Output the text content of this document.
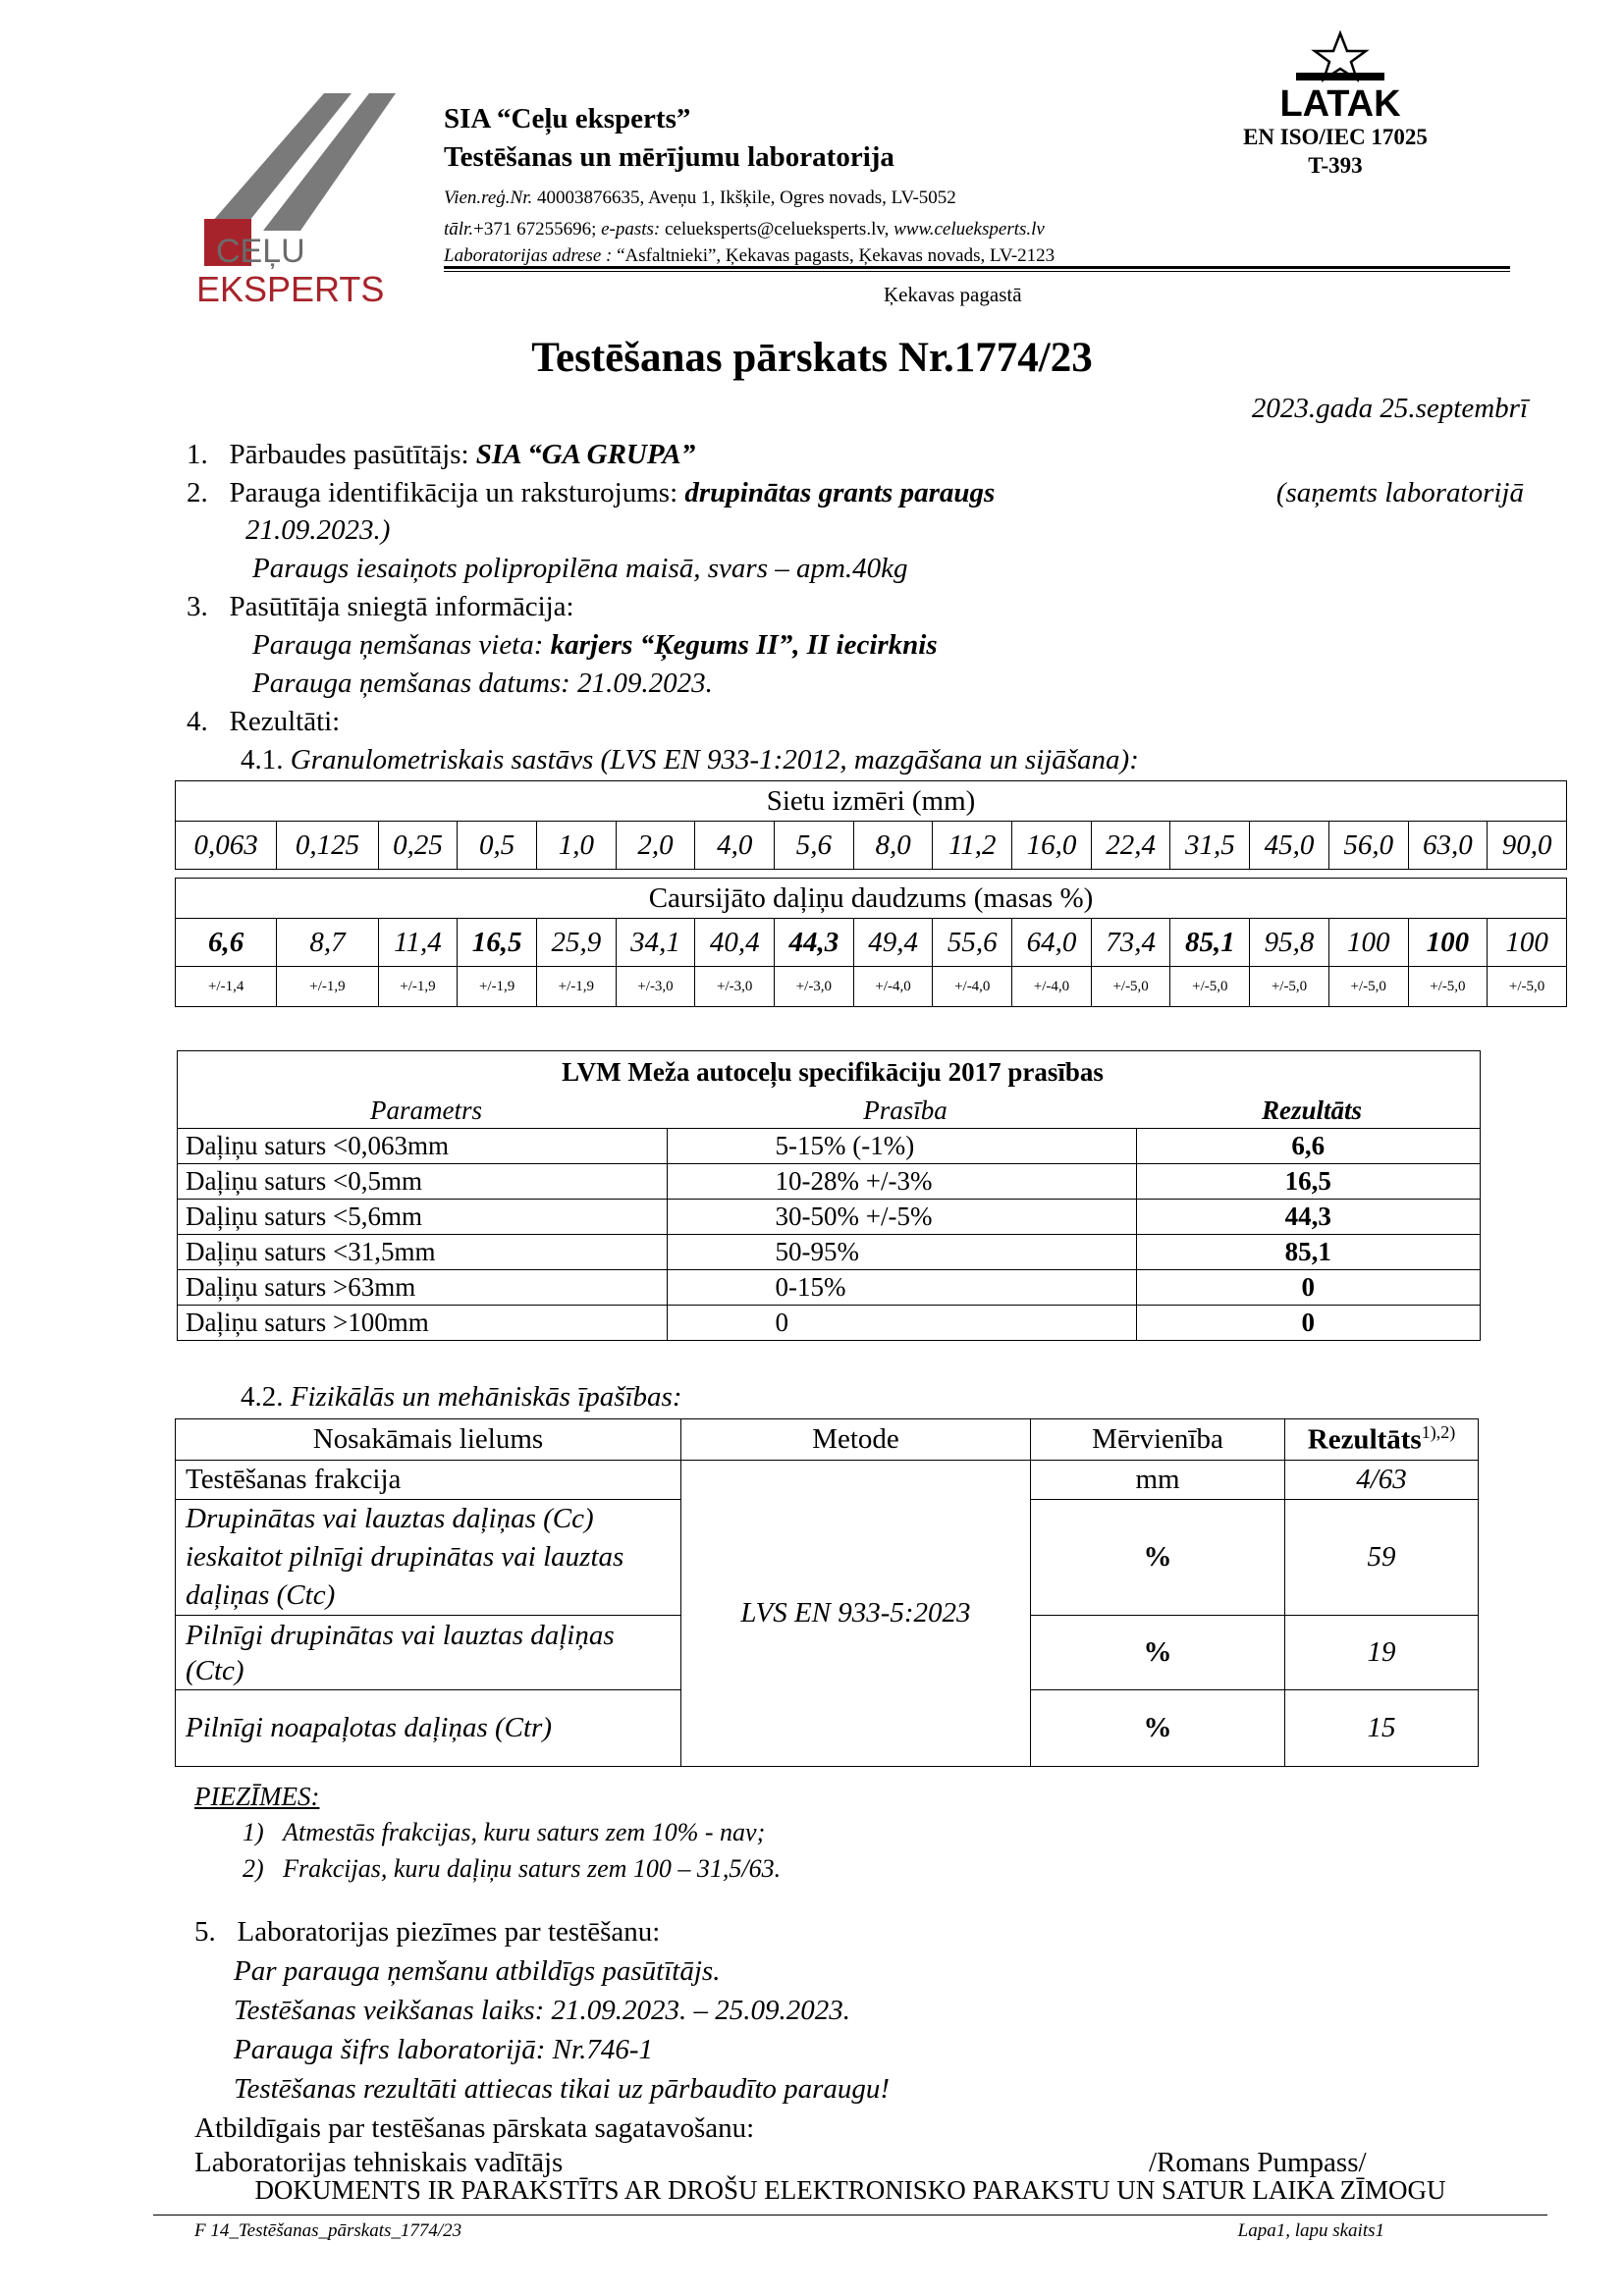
CEĻU
EKSPERTS
SIA “Ceļu eksperts”
Testēšanas un mērījumu laboratorija
Vien.reģ.Nr. 40003876635, Aveņu 1, Ikšķile, Ogres novads, LV-5052
tālr.+371 67255696; e-pasts: celueksperts@celueksperts.lv, www.celueksperts.lv
Laboratorijas adrese : “Asfaltnieki”, Ķekavas pagasts, Ķekavas novads, LV-2123
Ķekavas pagastā
LATAK
EN ISO/IEC 17025
T-393
Testēšanas pārskats Nr.1774/23
2023.gada 25.septembrī
1. Pārbaudes pasūtītājs: SIA “GA GRUPA”
2. Parauga identifikācija un raksturojums: drupinātas grants paraugs	(saņemts laboratorijā
21.09.2023.)
Paraugs iesaiņots polipropilēna maisā, svars – apm.40kg
3. Pasūtītāja sniegtā informācija:
Parauga ņemšanas vieta: karjers “Ķegums II”, II iecirknis
Parauga ņemšanas datums: 21.09.2023.
4. Rezultāti:
4.1. Granulometriskais sastāvs (LVS EN 933-1:2012, mazgāšana un sijāšana):
Sietu izmēri (mm)																
0,063	0,125	0,25	0,5	1,0	2,0	4,0	5,6	8,0	11,2	16,0	22,4	31,5	45,0	56,0	63,0	90,0

Caursijāto daļiņu daudzums (masas %)																
6,6	8,7	11,4	16,5	25,9	34,1	40,4	44,3	49,4	55,6	64,0	73,4	85,1	95,8	100	100	100
+/-1,4	+/-1,9	+/-1,9	+/-1,9	+/-1,9	+/-3,0	+/-3,0	+/-3,0	+/-4,0	+/-4,0	+/-4,0	+/-5,0	+/-5,0	+/-5,0	+/-5,0	+/-5,0	+/-5,0
LVM Meža autoceļu specifikāciju 2017 prasības		
Parametrs	Prasība	Rezultāts
Daļiņu saturs <0,063mm	5-15% (-1%)	6,6
Daļiņu saturs <0,5mm	10-28% +/-3%	16,5
Daļiņu saturs <5,6mm	30-50% +/-5%	44,3
Daļiņu saturs <31,5mm	50-95%	85,1
Daļiņu saturs >63mm	0-15%	0
Daļiņu saturs >100mm	0	0
4.2. Fizikālās un mehāniskās īpašības:
Nosakāmais lielums	Metode	Mērvienība	Rezultāts$^{1),2)}$
Testēšanas frakcija	LVS EN 933-5:2023	mm	4/63
Drupinātas vai lauztas daļiņas (Cc) ieskaitot pilnīgi drupinātas vai lauztas daļiņas (Ctc)		%	59
Pilnīgi drupinātas vai lauztas daļiņas (Ctc)		%	19
Pilnīgi noapaļotas daļiņas (Ctr)		%	15
PIEZĪMES:
1) Atmestās frakcijas, kuru saturs zem 10% - nav;
2) Frakcijas, kuru daļiņu saturs zem 100 – 31,5/63.
5. Laboratorijas piezīmes par testēšanu:
Par parauga ņemšanu atbildīgs pasūtītājs.
Testēšanas veikšanas laiks: 21.09.2023. – 25.09.2023.
Parauga šifrs laboratorijā: Nr.746-1
Testēšanas rezultāti attiecas tikai uz pārbaudīto paraugu!
Atbildīgais par testēšanas pārskata sagatavošanu:
Laboratorijas tehniskais vadītājs	/Romans Pumpass/
DOKUMENTS IR PARAKSTĪTS AR DROŠU ELEKTRONISKO PARAKSTU UN SATUR LAIKA ZĪMOGU
F 14_Testēšanas_pārskats_1774/23	Lapa1, lapu skaits1
